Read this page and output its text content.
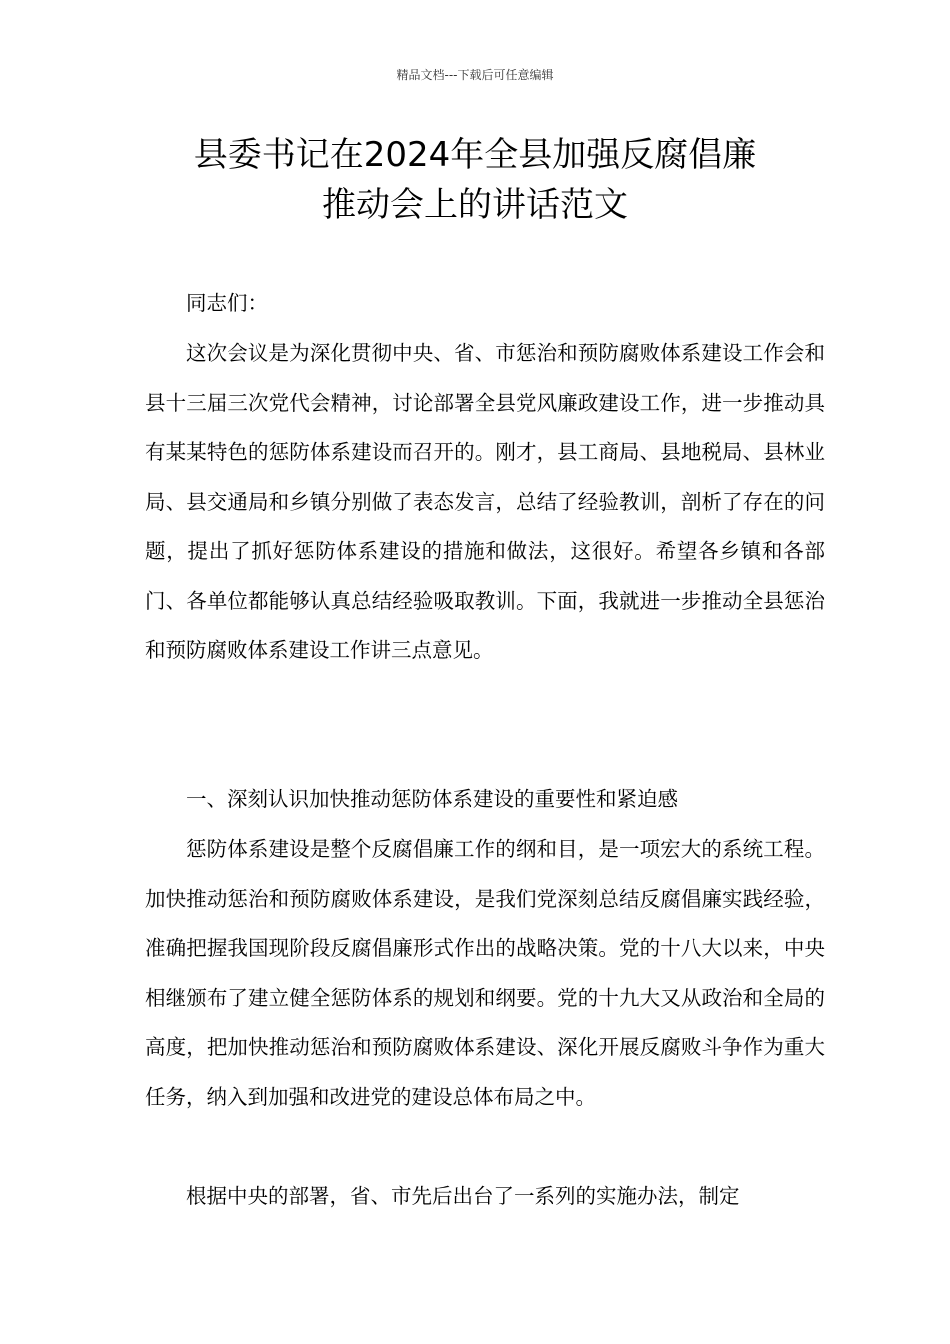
精品文档---下载后可任意编辑
县委书记在2024年全县加强反腐倡廉
推动会上的讲话范文

同志们：

这次会议是为深化贯彻中央、省、市惩治和预防腐败体系建设工作会和县十三届三次党代会精神，讨论部署全县党风廉政建设工作，进一步推动具有某某特色的惩防体系建设而召开的。刚才，县工商局、县地税局、县林业局、县交通局和乡镇分别做了表态发言，总结了经验教训，剖析了存在的问题，提出了抓好惩防体系建设的措施和做法，这很好。希望各乡镇和各部门、各单位都能够认真总结经验吸取教训。下面，我就进一步推动全县惩治和预防腐败体系建设工作讲三点意见。

一、深刻认识加快推动惩防体系建设的重要性和紧迫感

惩防体系建设是整个反腐倡廉工作的纲和目，是一项宏大的系统工程。加快推动惩治和预防腐败体系建设，是我们党深刻总结反腐倡廉实践经验，准确把握我国现阶段反腐倡廉形式作出的战略决策。党的十八大以来，中央相继颁布了建立健全惩防体系的规划和纲要。党的十九大又从政治和全局的高度，把加快推动惩治和预防腐败体系建设、深化开展反腐败斗争作为重大任务，纳入到加强和改进党的建设总体布局之中。

根据中央的部署，省、市先后出台了一系列的实施办法，制定
